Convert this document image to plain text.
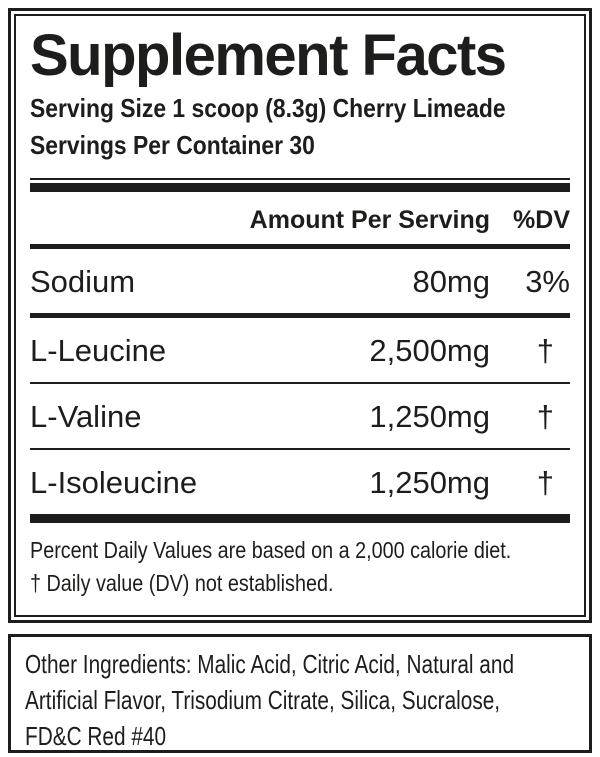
Supplement Facts
Serving Size 1 scoop (8.3g) Cherry Limeade
Servings Per Container 30
Amount Per Serving %DV
Sodium	80mg	3%
L-Leucine	2,500mg	†
L-Valine	1,250mg	†
L-Isoleucine	1,250mg	†
Percent Daily Values are based on a 2,000 calorie diet.
† Daily value (DV) not established.
Other Ingredients: Malic Acid, Citric Acid, Natural and
Artificial Flavor, Trisodium Citrate, Silica, Sucralose,
FD&C Red #40
